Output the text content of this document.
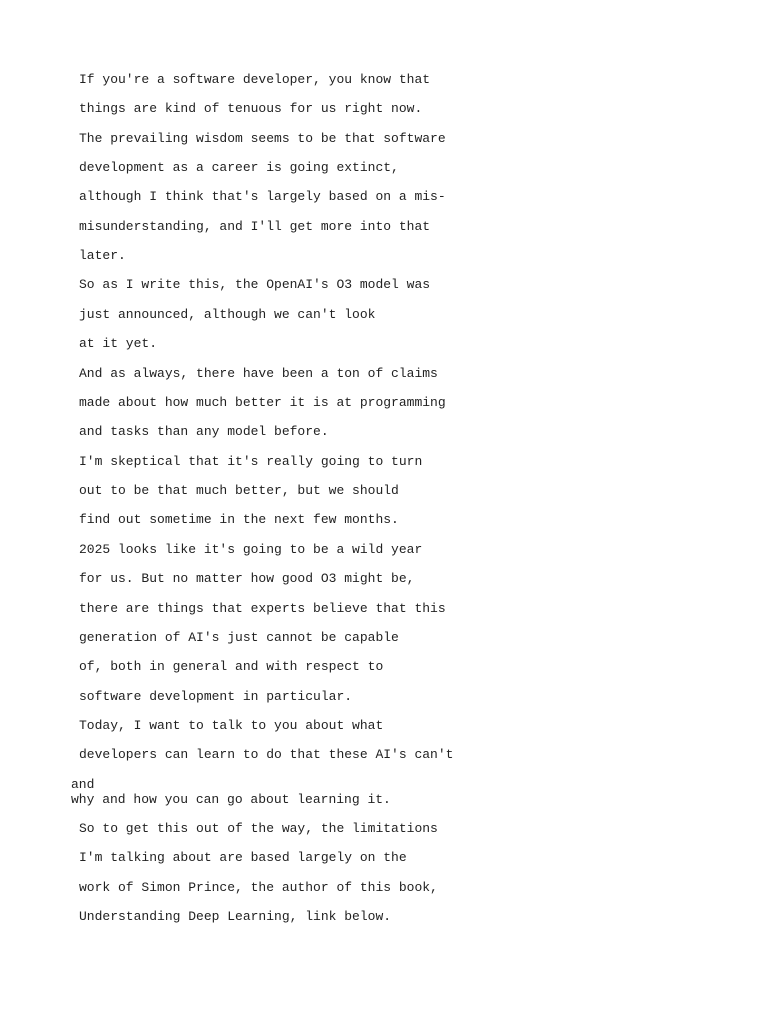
If you're a software developer, you know that

things are kind of tenuous for us right now.

The prevailing wisdom seems to be that software

development as a career is going extinct,

although I think that's largely based on a mis-

misunderstanding, and I'll get more into that

later.

So as I write this, the OpenAI's O3 model was

just announced, although we can't look

at it yet.

And as always, there have been a ton of claims

made about how much better it is at programming

and tasks than any model before.

I'm skeptical that it's really going to turn

out to be that much better, but we should

find out sometime in the next few months.

2025 looks like it's going to be a wild year

for us. But no matter how good O3 might be,

there are things that experts believe that this

generation of AI's just cannot be capable

of, both in general and with respect to

software development in particular.

Today, I want to talk to you about what

developers can learn to do that these AI's can't

and

why and how you can go about learning it.

So to get this out of the way, the limitations

I'm talking about are based largely on the

work of Simon Prince, the author of this book,

Understanding Deep Learning, link below.
